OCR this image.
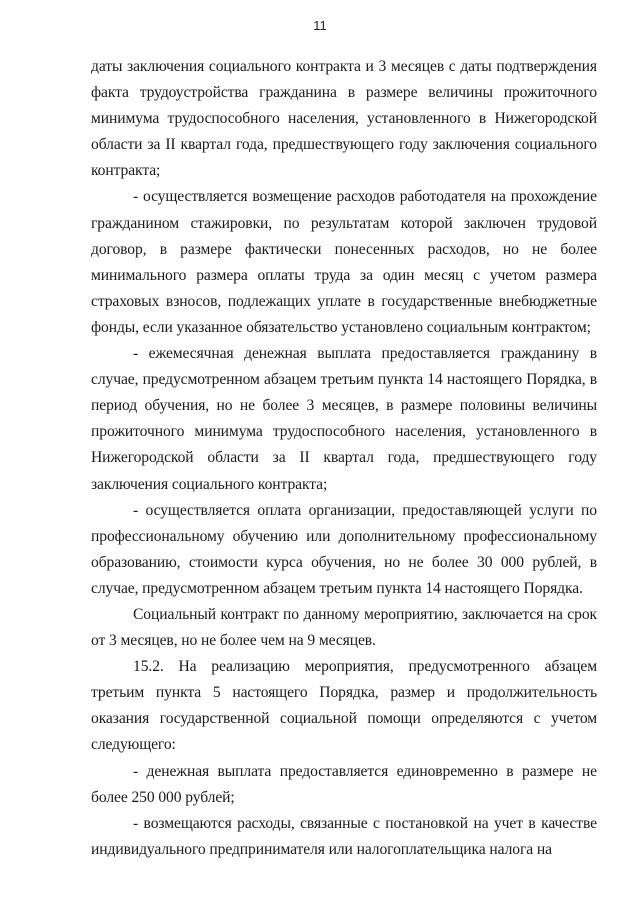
11

даты заключения социального контракта и 3 месяцев с даты подтверждения факта трудоустройства гражданина в размере величины прожиточного минимума трудоспособного населения, установленного в Нижегородской области за II квартал года, предшествующего году заключения социального контракта;

- осуществляется возмещение расходов работодателя на прохождение гражданином стажировки, по результатам которой заключен трудовой договор, в размере фактически понесенных расходов, но не более минимального размера оплаты труда за один месяц с учетом размера страховых взносов, подлежащих уплате в государственные внебюджетные фонды, если указанное обязательство установлено социальным контрактом;

- ежемесячная денежная выплата предоставляется гражданину в случае, предусмотренном абзацем третьим пункта 14 настоящего Порядка, в период обучения, но не более 3 месяцев, в размере половины величины прожиточного минимума трудоспособного населения, установленного в Нижегородской области за II квартал года, предшествующего году заключения социального контракта;

- осуществляется оплата организации, предоставляющей услуги по профессиональному обучению или дополнительному профессиональному образованию, стоимости курса обучения, но не более 30 000 рублей, в случае, предусмотренном абзацем третьим пункта 14 настоящего Порядка.

Социальный контракт по данному мероприятию, заключается на срок от 3 месяцев, но не более чем на 9 месяцев.

15.2. На реализацию мероприятия, предусмотренного абзацем третьим пункта 5 настоящего Порядка, размер и продолжительность оказания государственной социальной помощи определяются с учетом следующего:

- денежная выплата предоставляется единовременно в размере не более 250 000 рублей;

- возмещаются расходы, связанные с постановкой на учет в качестве индивидуального предпринимателя или налогоплательщика налога на
